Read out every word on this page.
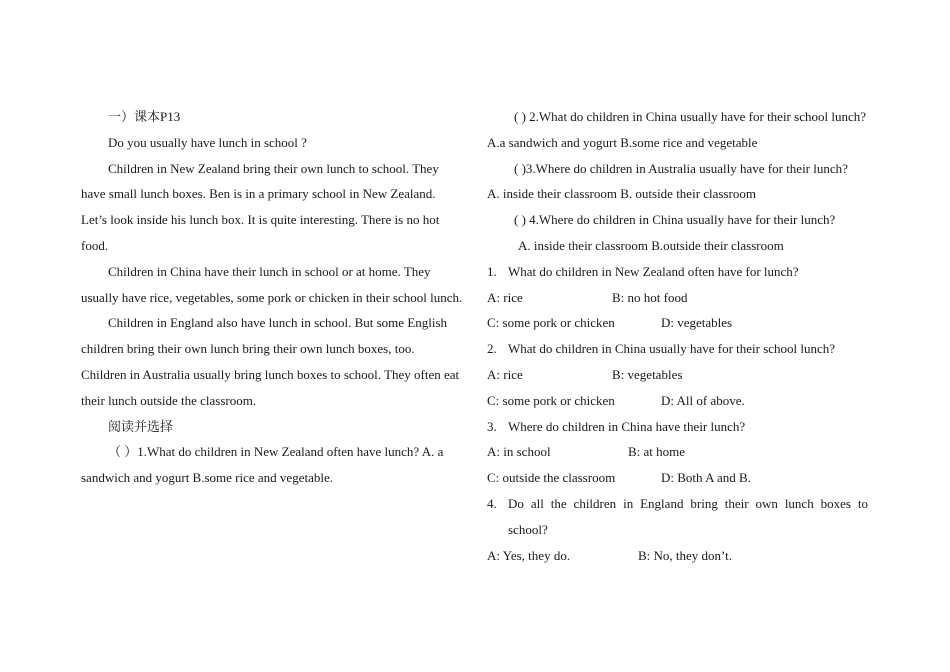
一）课本P13

Do you usually have lunch in school ?

Children in New Zealand bring their own lunch to school. They have small lunch boxes. Ben is in a primary school in New Zealand. Let’s look inside his lunch box. It is quite interesting. There is no hot food.

Children in China have their lunch in school or at home. They usually have rice, vegetables, some pork or chicken in their school lunch.

Children in England also have lunch in school. But some English children bring their own lunch bring their own lunch boxes, too. Children in Australia usually bring lunch boxes to school. They often eat their lunch outside the classroom.

阅读并选择

（ ）1.What do children in New Zealand often have lunch? A. a sandwich and yogurt B.some rice and vegetable.

( ) 2.What do children in China usually have for their school lunch? A.a sandwich and yogurt B.some rice and vegetable

( )3.Where do children in Australia usually have for their lunch?

A. inside their classroom B. outside their classroom

( ) 4.Where do children in China usually have for their lunch?

A. inside their classroom B.outside their classroom

1. What do children in New Zealand often have for lunch?
A: rice	B: no hot food
C: some pork or chicken	D: vegetables
2. What do children in China usually have for their school lunch?
A: rice	B: vegetables
C: some pork or chicken	D: All of above.
3. Where do children in China have their lunch?
A: in school	B: at home
C: outside the classroom	D: Both A and B.
4. Do all the children in England bring their own lunch boxes to school?
A: Yes, they do.	B: No, they don’t.
